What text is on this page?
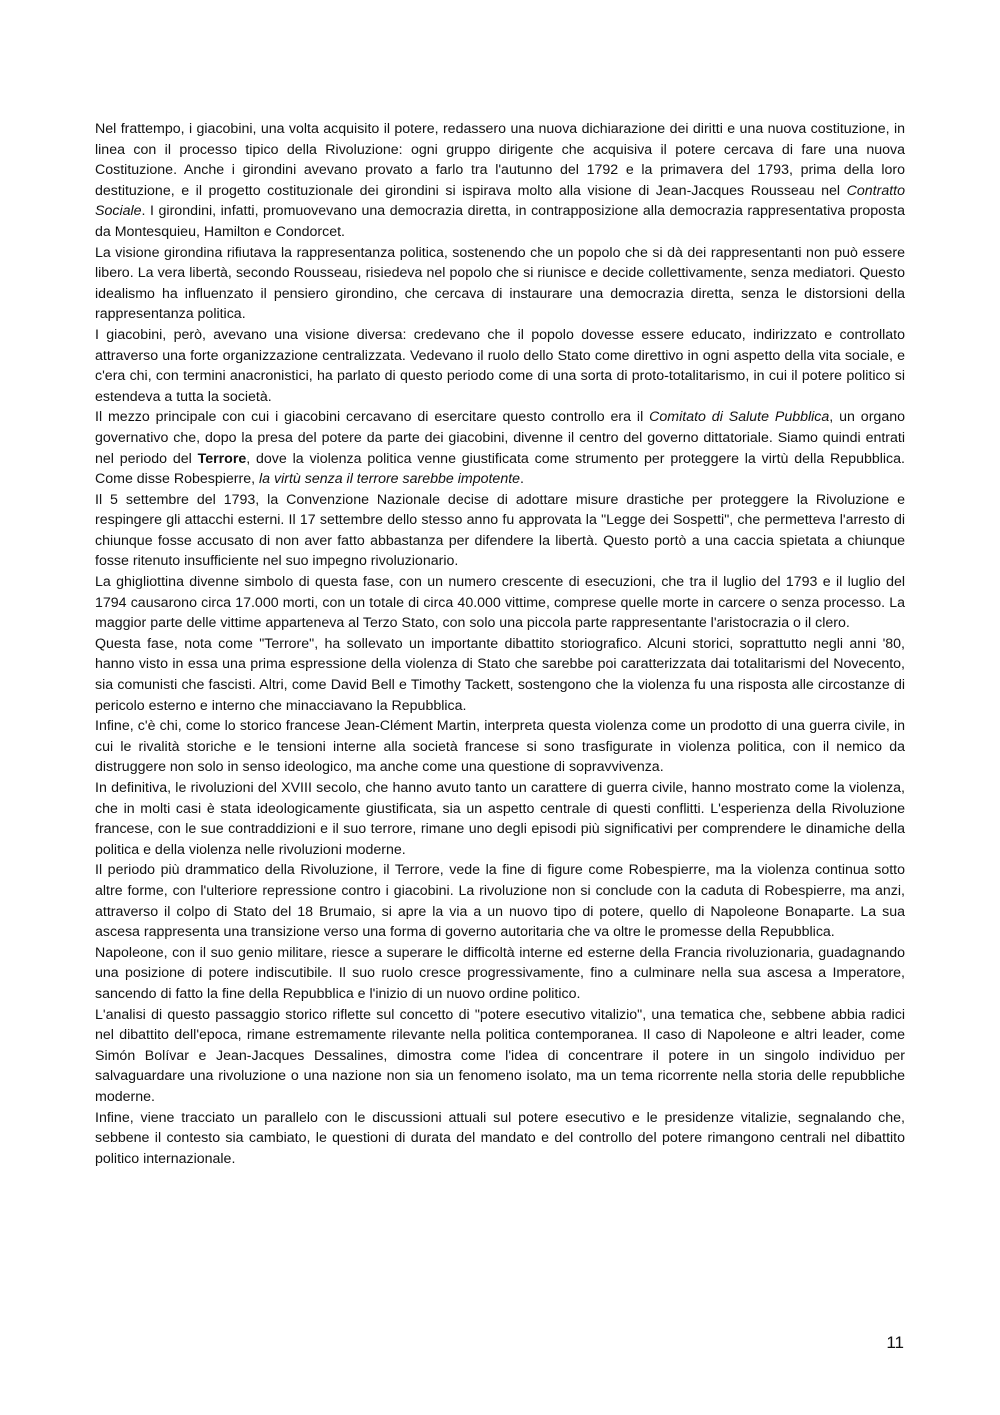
Nel frattempo, i giacobini, una volta acquisito il potere, redassero una nuova dichiarazione dei diritti e una nuova costituzione, in linea con il processo tipico della Rivoluzione: ogni gruppo dirigente che acquisiva il potere cercava di fare una nuova Costituzione. Anche i girondini avevano provato a farlo tra l'autunno del 1792 e la primavera del 1793, prima della loro destituzione, e il progetto costituzionale dei girondini si ispirava molto alla visione di Jean-Jacques Rousseau nel Contratto Sociale. I girondini, infatti, promuovevano una democrazia diretta, in contrapposizione alla democrazia rappresentativa proposta da Montesquieu, Hamilton e Condorcet.

La visione girondina rifiutava la rappresentanza politica, sostenendo che un popolo che si dà dei rappresentanti non può essere libero. La vera libertà, secondo Rousseau, risiedeva nel popolo che si riunisce e decide collettivamente, senza mediatori. Questo idealismo ha influenzato il pensiero girondino, che cercava di instaurare una democrazia diretta, senza le distorsioni della rappresentanza politica.

I giacobini, però, avevano una visione diversa: credevano che il popolo dovesse essere educato, indirizzato e controllato attraverso una forte organizzazione centralizzata. Vedevano il ruolo dello Stato come direttivo in ogni aspetto della vita sociale, e c'era chi, con termini anacronistici, ha parlato di questo periodo come di una sorta di proto-totalitarismo, in cui il potere politico si estendeva a tutta la società.

Il mezzo principale con cui i giacobini cercavano di esercitare questo controllo era il Comitato di Salute Pubblica, un organo governativo che, dopo la presa del potere da parte dei giacobini, divenne il centro del governo dittatoriale. Siamo quindi entrati nel periodo del Terrore, dove la violenza politica venne giustificata come strumento per proteggere la virtù della Repubblica. Come disse Robespierre, la virtù senza il terrore sarebbe impotente.

Il 5 settembre del 1793, la Convenzione Nazionale decise di adottare misure drastiche per proteggere la Rivoluzione e respingere gli attacchi esterni. Il 17 settembre dello stesso anno fu approvata la "Legge dei Sospetti", che permetteva l'arresto di chiunque fosse accusato di non aver fatto abbastanza per difendere la libertà. Questo portò a una caccia spietata a chiunque fosse ritenuto insufficiente nel suo impegno rivoluzionario.

La ghigliottina divenne simbolo di questa fase, con un numero crescente di esecuzioni, che tra il luglio del 1793 e il luglio del 1794 causarono circa 17.000 morti, con un totale di circa 40.000 vittime, comprese quelle morte in carcere o senza processo. La maggior parte delle vittime apparteneva al Terzo Stato, con solo una piccola parte rappresentante l'aristocrazia o il clero.

Questa fase, nota come "Terrore", ha sollevato un importante dibattito storiografico. Alcuni storici, soprattutto negli anni '80, hanno visto in essa una prima espressione della violenza di Stato che sarebbe poi caratterizzata dai totalitarismi del Novecento, sia comunisti che fascisti. Altri, come David Bell e Timothy Tackett, sostengono che la violenza fu una risposta alle circostanze di pericolo esterno e interno che minacciavano la Repubblica.

Infine, c'è chi, come lo storico francese Jean-Clément Martin, interpreta questa violenza come un prodotto di una guerra civile, in cui le rivalità storiche e le tensioni interne alla società francese si sono trasfigurate in violenza politica, con il nemico da distruggere non solo in senso ideologico, ma anche come una questione di sopravvivenza.

In definitiva, le rivoluzioni del XVIII secolo, che hanno avuto tanto un carattere di guerra civile, hanno mostrato come la violenza, che in molti casi è stata ideologicamente giustificata, sia un aspetto centrale di questi conflitti. L'esperienza della Rivoluzione francese, con le sue contraddizioni e il suo terrore, rimane uno degli episodi più significativi per comprendere le dinamiche della politica e della violenza nelle rivoluzioni moderne.

Il periodo più drammatico della Rivoluzione, il Terrore, vede la fine di figure come Robespierre, ma la violenza continua sotto altre forme, con l'ulteriore repressione contro i giacobini. La rivoluzione non si conclude con la caduta di Robespierre, ma anzi, attraverso il colpo di Stato del 18 Brumaio, si apre la via a un nuovo tipo di potere, quello di Napoleone Bonaparte. La sua ascesa rappresenta una transizione verso una forma di governo autoritaria che va oltre le promesse della Repubblica.

Napoleone, con il suo genio militare, riesce a superare le difficoltà interne ed esterne della Francia rivoluzionaria, guadagnando una posizione di potere indiscutibile. Il suo ruolo cresce progressivamente, fino a culminare nella sua ascesa a Imperatore, sancendo di fatto la fine della Repubblica e l'inizio di un nuovo ordine politico.

L'analisi di questo passaggio storico riflette sul concetto di "potere esecutivo vitalizio", una tematica che, sebbene abbia radici nel dibattito dell'epoca, rimane estremamente rilevante nella politica contemporanea. Il caso di Napoleone e altri leader, come Simón Bolívar e Jean-Jacques Dessalines, dimostra come l'idea di concentrare il potere in un singolo individuo per salvaguardare una rivoluzione o una nazione non sia un fenomeno isolato, ma un tema ricorrente nella storia delle repubbliche moderne.

Infine, viene tracciato un parallelo con le discussioni attuali sul potere esecutivo e le presidenze vitalizie, segnalando che, sebbene il contesto sia cambiato, le questioni di durata del mandato e del controllo del potere rimangono centrali nel dibattito politico internazionale.

11
